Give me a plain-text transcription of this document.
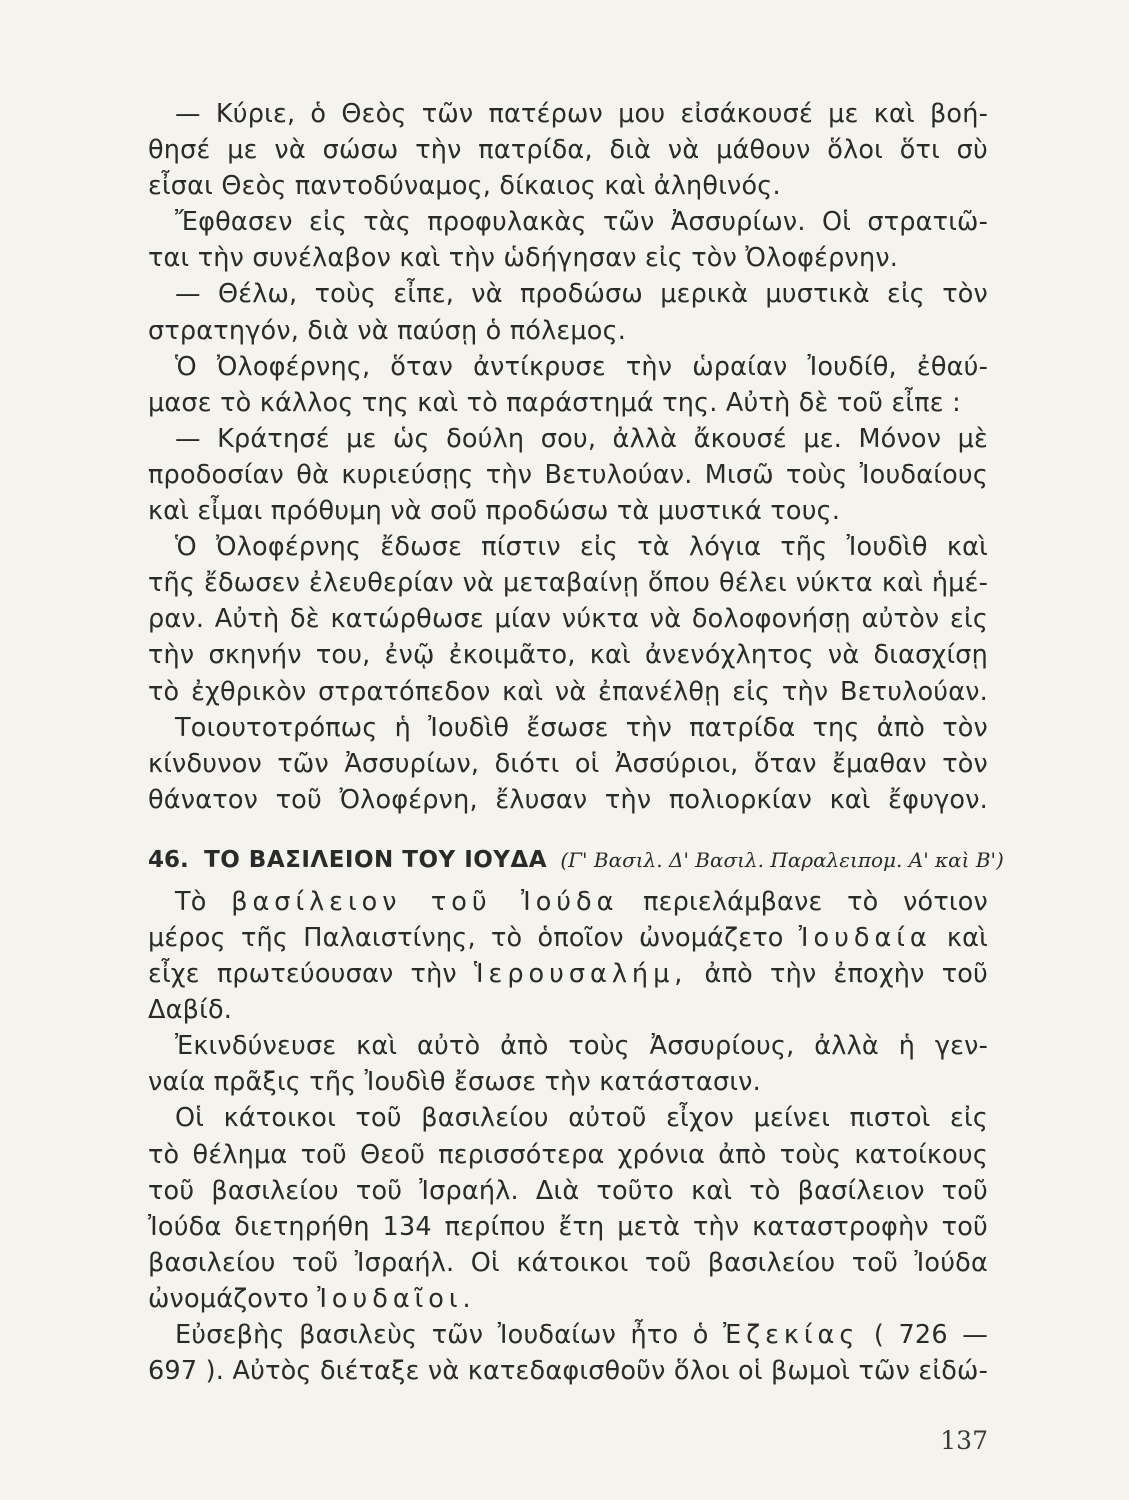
— Κύριε, ὁ Θεὸς τῶν πατέρων μου εἰσάκουσέ με καὶ βοή-
θησέ με νὰ σώσω τὴν πατρίδα, διὰ νὰ μάθουν ὅλοι ὅτι σὺ
εἶσαι Θεὸς παντοδύναμος, δίκαιος καὶ ἀληθινός.
Ἔφθασεν εἰς τὰς προφυλακὰς τῶν Ἀσσυρίων. Οἱ στρατιῶ-
ται τὴν συνέλαβον καὶ τὴν ὡδήγησαν εἰς τὸν Ὀλοφέρνην.
— Θέλω, τοὺς εἶπε, νὰ προδώσω μερικὰ μυστικὰ εἰς τὸν
στρατηγόν, διὰ νὰ παύσῃ ὁ πόλεμος.
Ὁ Ὀλοφέρνης, ὅταν ἀντίκρυσε τὴν ὡραίαν Ἰουδίθ, ἐθαύ-
μασε τὸ κάλλος της καὶ τὸ παράστημά της. Αὐτὴ δὲ τοῦ εἶπε :
— Κράτησέ με ὡς δούλη σου, ἀλλὰ ἄκουσέ με. Μόνον μὲ
προδοσίαν θὰ κυριεύσῃς τὴν Βετυλούαν. Μισῶ τοὺς Ἰουδαίους
καὶ εἶμαι πρόθυμη νὰ σοῦ προδώσω τὰ μυστικά τους.
Ὁ Ὀλοφέρνης ἔδωσε πίστιν εἰς τὰ λόγια τῆς Ἰουδὶθ καὶ
τῆς ἔδωσεν ἐλευθερίαν νὰ μεταβαίνῃ ὅπου θέλει νύκτα καὶ ἡμέ-
ραν. Αὐτὴ δὲ κατώρθωσε μίαν νύκτα νὰ δολοφονήσῃ αὐτὸν εἰς
τὴν σκηνήν του, ἐνῷ ἐκοιμᾶτο, καὶ ἀνενόχλητος νὰ διασχίσῃ
τὸ ἐχθρικὸν στρατόπεδον καὶ νὰ ἐπανέλθῃ εἰς τὴν Βετυλούαν.
Τοιουτοτρόπως ἡ Ἰουδὶθ ἔσωσε τὴν πατρίδα της ἀπὸ τὸν
κίνδυνον τῶν Ἀσσυρίων, διότι οἱ Ἀσσύριοι, ὅταν ἔμαθαν τὸν
θάνατον τοῦ Ὀλοφέρνη, ἔλυσαν τὴν πολιορκίαν καὶ ἔφυγον.
46. ΤΟ ΒΑΣΙΛΕΙΟΝ ΤΟΥ ΙΟΥΔΑ (Γ' Βασιλ. Δ' Βασιλ. Παραλειπομ. Α' καὶ Β')
Τὸ βασίλειον τοῦ Ἰούδα περιελάμβανε τὸ νότιον
μέρος τῆς Παλαιστίνης, τὸ ὁποῖον ὠνομάζετο Ἰουδαία καὶ
εἶχε πρωτεύουσαν τὴν Ἱερουσαλήμ, ἀπὸ τὴν ἐποχὴν τοῦ
Δαβίδ.
Ἐκινδύνευσε καὶ αὐτὸ ἀπὸ τοὺς Ἀσσυρίους, ἀλλὰ ἡ γεν-
ναία πρᾶξις τῆς Ἰουδὶθ ἔσωσε τὴν κατάστασιν.
Οἱ κάτοικοι τοῦ βασιλείου αὐτοῦ εἶχον μείνει πιστοὶ εἰς
τὸ θέλημα τοῦ Θεοῦ περισσότερα χρόνια ἀπὸ τοὺς κατοίκους
τοῦ βασιλείου τοῦ Ἰσραήλ. Διὰ τοῦτο καὶ τὸ βασίλειον τοῦ
Ἰούδα διετηρήθη 134 περίπου ἔτη μετὰ τὴν καταστροφὴν τοῦ
βασιλείου τοῦ Ἰσραήλ. Οἱ κάτοικοι τοῦ βασιλείου τοῦ Ἰούδα
ὠνομάζοντο Ἰουδαῖοι.
Εὐσεβὴς βασιλεὺς τῶν Ἰουδαίων ἦτο ὁ Ἐζεκίας ( 726 —
697 ). Αὐτὸς διέταξε νὰ κατεδαφισθοῦν ὅλοι οἱ βωμοὶ τῶν εἰδώ-
137
